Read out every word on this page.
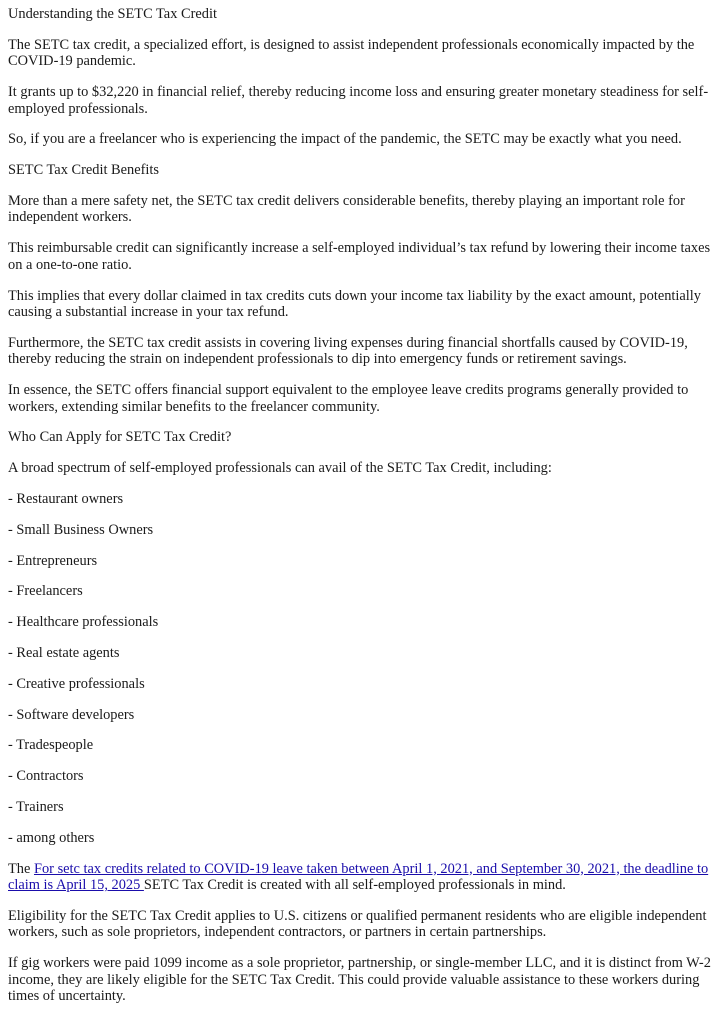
Understanding the SETC Tax Credit

The SETC tax credit, a specialized effort, is designed to assist independent professionals economically impacted by the COVID-19 pandemic.

It grants up to $32,220 in financial relief, thereby reducing income loss and ensuring greater monetary steadiness for self-employed professionals.

So, if you are a freelancer who is experiencing the impact of the pandemic, the SETC may be exactly what you need.

SETC Tax Credit Benefits

More than a mere safety net, the SETC tax credit delivers considerable benefits, thereby playing an important role for independent workers.

This reimbursable credit can significantly increase a self-employed individual’s tax refund by lowering their income taxes on a one-to-one ratio.

This implies that every dollar claimed in tax credits cuts down your income tax liability by the exact amount, potentially causing a substantial increase in your tax refund.

Furthermore, the SETC tax credit assists in covering living expenses during financial shortfalls caused by COVID-19, thereby reducing the strain on independent professionals to dip into emergency funds or retirement savings.

In essence, the SETC offers financial support equivalent to the employee leave credits programs generally provided to workers, extending similar benefits to the freelancer community.

Who Can Apply for SETC Tax Credit?

A broad spectrum of self-employed professionals can avail of the SETC Tax Credit, including:

- Restaurant owners

- Small Business Owners

- Entrepreneurs

- Freelancers

- Healthcare professionals

- Real estate agents

- Creative professionals

- Software developers

- Tradespeople

- Contractors

- Trainers

- among others

The For setc tax credits related to COVID-19 leave taken between April 1, 2021, and September 30, 2021, the deadline to claim is April 15, 2025 SETC Tax Credit is created with all self-employed professionals in mind.

Eligibility for the SETC Tax Credit applies to U.S. citizens or qualified permanent residents who are eligible independent workers, such as sole proprietors, independent contractors, or partners in certain partnerships.

If gig workers were paid 1099 income as a sole proprietor, partnership, or single-member LLC, and it is distinct from W-2 income, they are likely eligible for the SETC Tax Credit. This could provide valuable assistance to these workers during times of uncertainty.
